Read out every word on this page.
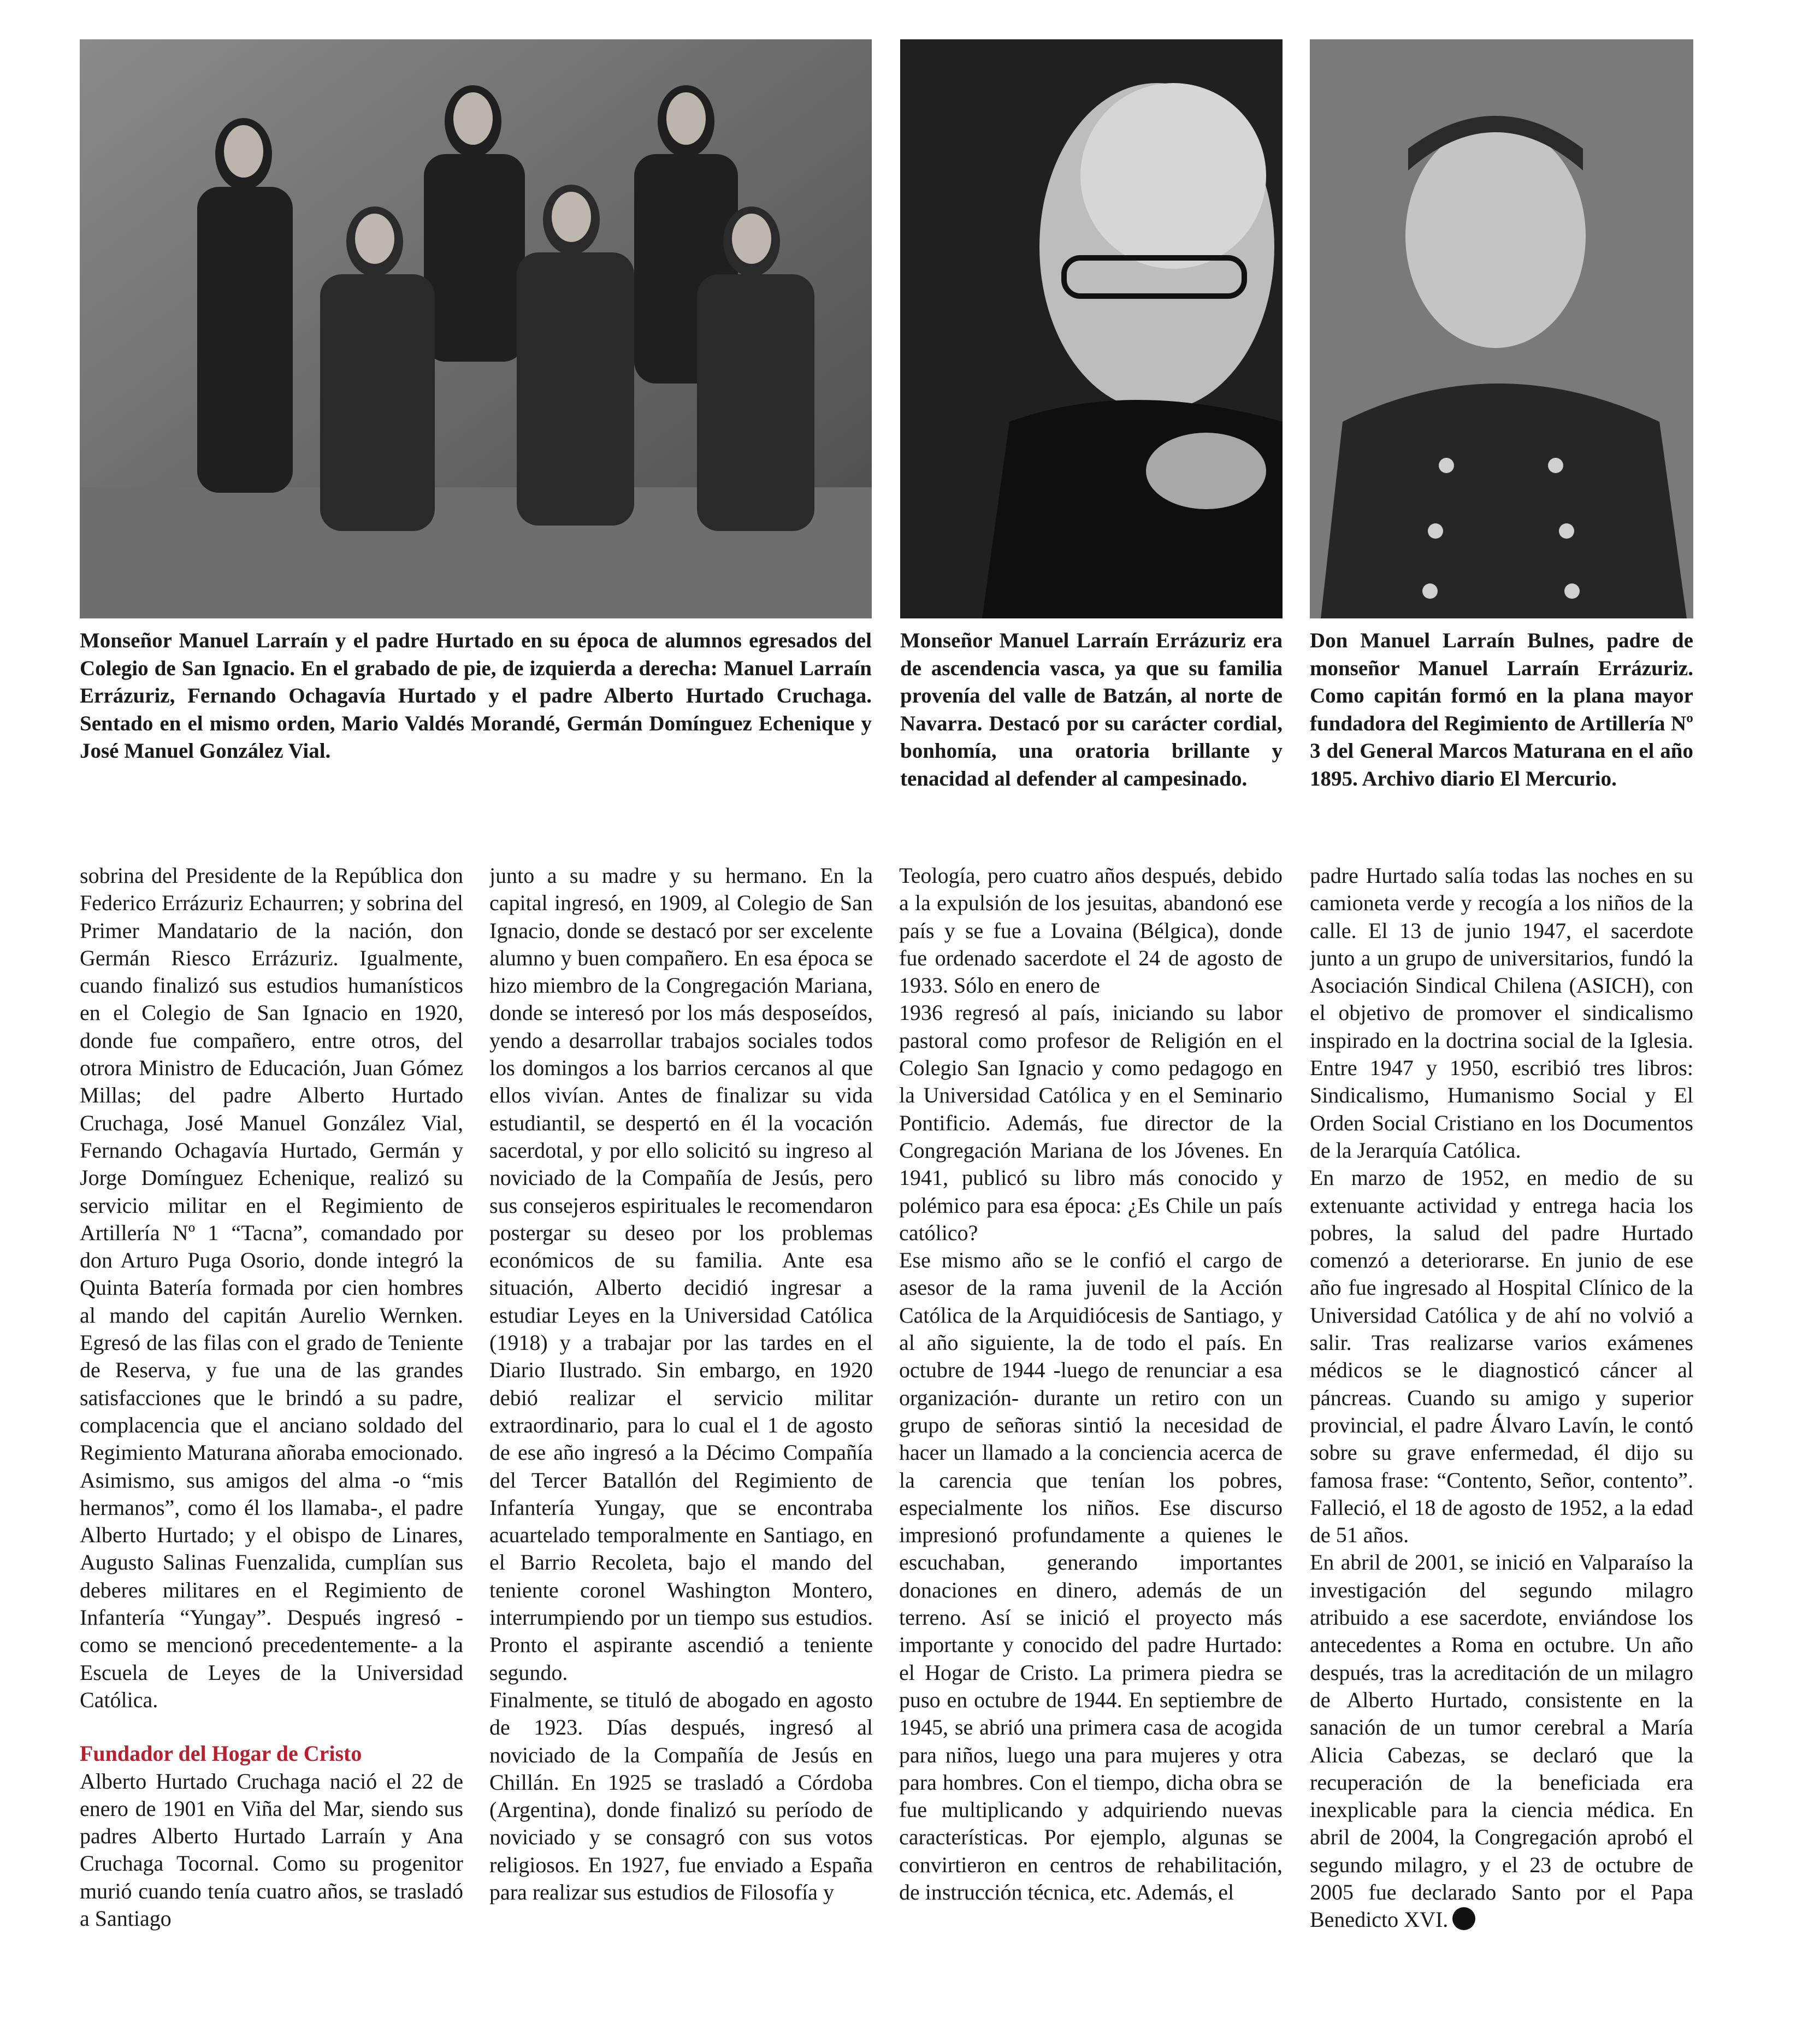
Monseñor Manuel Larraín y el padre Hurtado en su época de alumnos egresados del Colegio de San Ignacio. En el grabado de pie, de izquierda a derecha: Manuel Larraín Errázuriz, Fernando Ochagavía Hurtado y el padre Alberto Hurtado Cruchaga. Sentado en el mismo orden, Mario Valdés Morandé, Germán Domínguez Echenique y José Manuel González Vial.
Monseñor Manuel Larraín Errázuriz era de ascendencia vasca, ya que su familia provenía del valle de Batzán, al norte de Navarra. Destacó por su carácter cordial, bonhomía, una oratoria brillante y tenacidad al defender al campesinado.
Don Manuel Larraín Bulnes, padre de monseñor Manuel Larraín Errázuriz. Como capitán formó en la plana mayor fundadora del Regimiento de Artillería Nº 3 del General Marcos Maturana en el año 1895. Archivo diario El Mercurio.

sobrina del Presidente de la República don Federico Errázuriz Echaurren; y sobrina del Primer Mandatario de la nación, don Germán Riesco Errázuriz. Igualmente, cuando finalizó sus estudios humanísticos en el Colegio de San Ignacio en 1920, donde fue compañero, entre otros, del otrora Ministro de Educación, Juan Gómez Millas; del padre Alberto Hurtado Cruchaga, José Manuel González Vial, Fernando Ochagavía Hurtado, Germán y Jorge Domínguez Echenique, realizó su servicio militar en el Regimiento de Artillería Nº 1 “Tacna”, comandado por don Arturo Puga Osorio, donde integró la Quinta Batería formada por cien hombres al mando del capitán Aurelio Wernken. Egresó de las filas con el grado de Teniente de Reserva, y fue una de las grandes satisfacciones que le brindó a su padre, complacencia que el anciano soldado del Regimiento Maturana añoraba emocionado. Asimismo, sus amigos del alma -o “mis hermanos”, como él los llamaba-, el padre Alberto Hurtado; y el obispo de Linares, Augusto Salinas Fuenzalida, cumplían sus deberes militares en el Regimiento de Infantería “Yungay”. Después ingresó -como se mencionó precedentemente- a la Escuela de Leyes de la Universidad Católica.

Fundador del Hogar de Cristo

Alberto Hurtado Cruchaga nació el 22 de enero de 1901 en Viña del Mar, siendo sus padres Alberto Hurtado Larraín y Ana Cruchaga Tocornal. Como su progenitor murió cuando tenía cuatro años, se trasladó a Santiago

junto a su madre y su hermano. En la capital ingresó, en 1909, al Colegio de San Ignacio, donde se destacó por ser excelente alumno y buen compañero. En esa época se hizo miembro de la Congregación Mariana, donde se interesó por los más desposeídos, yendo a desarrollar trabajos sociales todos los domingos a los barrios cercanos al que ellos vivían. Antes de finalizar su vida estudiantil, se despertó en él la vocación sacerdotal, y por ello solicitó su ingreso al noviciado de la Compañía de Jesús, pero sus consejeros espirituales le recomendaron postergar su deseo por los problemas económicos de su familia. Ante esa situación, Alberto decidió ingresar a estudiar Leyes en la Universidad Católica (1918) y a trabajar por las tardes en el Diario Ilustrado. Sin embargo, en 1920 debió realizar el servicio militar extraordinario, para lo cual el 1 de agosto de ese año ingresó a la Décimo Compañía del Tercer Batallón del Regimiento de Infantería Yungay, que se encontraba acuartelado temporalmente en Santiago, en el Barrio Recoleta, bajo el mando del teniente coronel Washington Montero, interrumpiendo por un tiempo sus estudios. Pronto el aspirante ascendió a teniente segundo.

Finalmente, se tituló de abogado en agosto de 1923. Días después, ingresó al noviciado de la Compañía de Jesús en Chillán. En 1925 se trasladó a Córdoba (Argentina), donde finalizó su período de noviciado y se consagró con sus votos religiosos. En 1927, fue enviado a España para realizar sus estudios de Filosofía y

Teología, pero cuatro años después, debido a la expulsión de los jesuitas, abandonó ese país y se fue a Lovaina (Bélgica), donde fue ordenado sacerdote el 24 de agosto de 1933. Sólo en enero de

1936 regresó al país, iniciando su labor pastoral como profesor de Religión en el Colegio San Ignacio y como pedagogo en la Universidad Católica y en el Seminario Pontificio. Además, fue director de la Congregación Mariana de los Jóvenes. En 1941, publicó su libro más conocido y polémico para esa época: ¿Es Chile un país católico?

Ese mismo año se le confió el cargo de asesor de la rama juvenil de la Acción Católica de la Arquidiócesis de Santiago, y al año siguiente, la de todo el país. En octubre de 1944 -luego de renunciar a esa organización- durante un retiro con un grupo de señoras sintió la necesidad de hacer un llamado a la conciencia acerca de la carencia que tenían los pobres, especialmente los niños. Ese discurso impresionó profundamente a quienes le escuchaban, generando importantes donaciones en dinero, además de un terreno. Así se inició el proyecto más importante y conocido del padre Hurtado: el Hogar de Cristo. La primera piedra se puso en octubre de 1944. En septiembre de 1945, se abrió una primera casa de acogida para niños, luego una para mujeres y otra para hombres. Con el tiempo, dicha obra se fue multiplicando y adquiriendo nuevas características. Por ejemplo, algunas se convirtieron en centros de rehabilitación, de instrucción técnica, etc. Además, el

padre Hurtado salía todas las noches en su camioneta verde y recogía a los niños de la calle. El 13 de junio 1947, el sacerdote junto a un grupo de universitarios, fundó la Asociación Sindical Chilena (ASICH), con el objetivo de promover el sindicalismo inspirado en la doctrina social de la Iglesia. Entre 1947 y 1950, escribió tres libros: Sindicalismo, Humanismo Social y El Orden Social Cristiano en los Documentos de la Jerarquía Católica.

En marzo de 1952, en medio de su extenuante actividad y entrega hacia los pobres, la salud del padre Hurtado comenzó a deteriorarse. En junio de ese año fue ingresado al Hospital Clínico de la Universidad Católica y de ahí no volvió a salir. Tras realizarse varios exámenes médicos se le diagnosticó cáncer al páncreas. Cuando su amigo y superior provincial, el padre Álvaro Lavín, le contó sobre su grave enfermedad, él dijo su famosa frase: “Contento, Señor, contento”. Falleció, el 18 de agosto de 1952, a la edad de 51 años.

En abril de 2001, se inició en Valparaíso la investigación del segundo milagro atribuido a ese sacerdote, enviándose los antecedentes a Roma en octubre. Un año después, tras la acreditación de un milagro de Alberto Hurtado, consistente en la sanación de un tumor cerebral a María Alicia Cabezas, se declaró que la recuperación de la beneficiada era inexplicable para la ciencia médica. En abril de 2004, la Congregación aprobó el segundo milagro, y el 23 de octubre de 2005 fue declarado Santo por el Papa Benedicto XVI.
